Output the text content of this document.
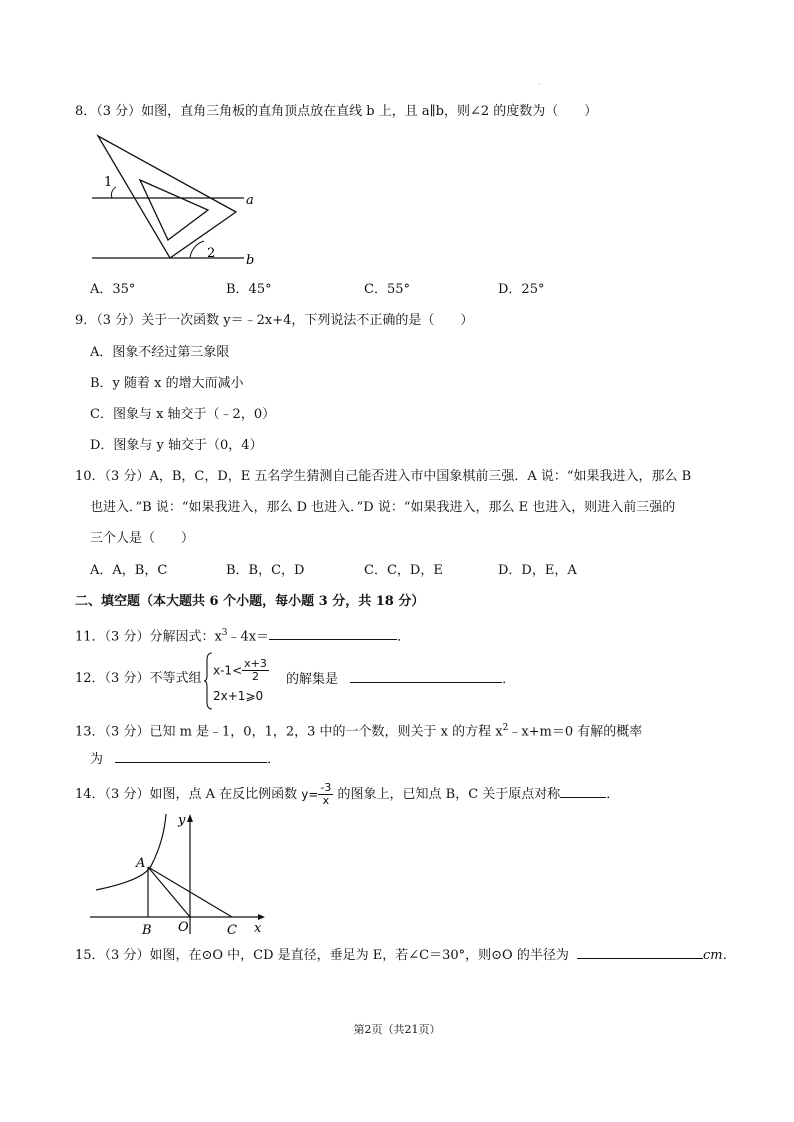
·
8．（3 分）如图，直角三角板的直角顶点放在直线 b 上，且 a∥b，则∠2 的度数为（　　）
1
2
a
b
A．35°	B．45°	C．55°	D．25°
9．（3 分）关于一次函数 y＝﹣2x+4，下列说法不正确的是（　　）
A．图象不经过第三象限
B．y 随着 x 的增大而减小
C．图象与 x 轴交于（﹣2，0）
D．图象与 y 轴交于（0，4）
10．（3 分）A，B，C，D，E 五名学生猜测自己能否进入市中国象棋前三强．A 说：“如果我进入，那么 B
也进入．”B 说：“如果我进入，那么 D 也进入．”D 说：“如果我进入，那么 E 也进入，则进入前三强的
三个人是（　　）
A．A，B，C	B．B，C，D	C．C，D，E	D．D，E，A
二、填空题（本大题共 6 个小题，每小题 3 分，共 18 分）
11．（3 分）分解因式：$x^3﹣4x=$	．
12．（3 分）不等式组
$x-1< \frac{x+3}{2}$
2x+1⩾0
的解集是	．
13．（3 分）已知 m 是﹣1，0，1，2，3 中的一个数，则关于 x 的方程 $x^2﹣x+m=0$ 有解的概率
为	．
14．（3 分）如图，点 A 在反比例函数 $y= \frac{-3}{x}$ 的图象上，已知点 B，C 关于原点对称	．
A
B O	C x
y
15．（3 分）如图，在⊙O 中，CD 是直径，垂足为 E，若∠C＝30°，则⊙O 的半径为	cm．
第2页（共21页）
